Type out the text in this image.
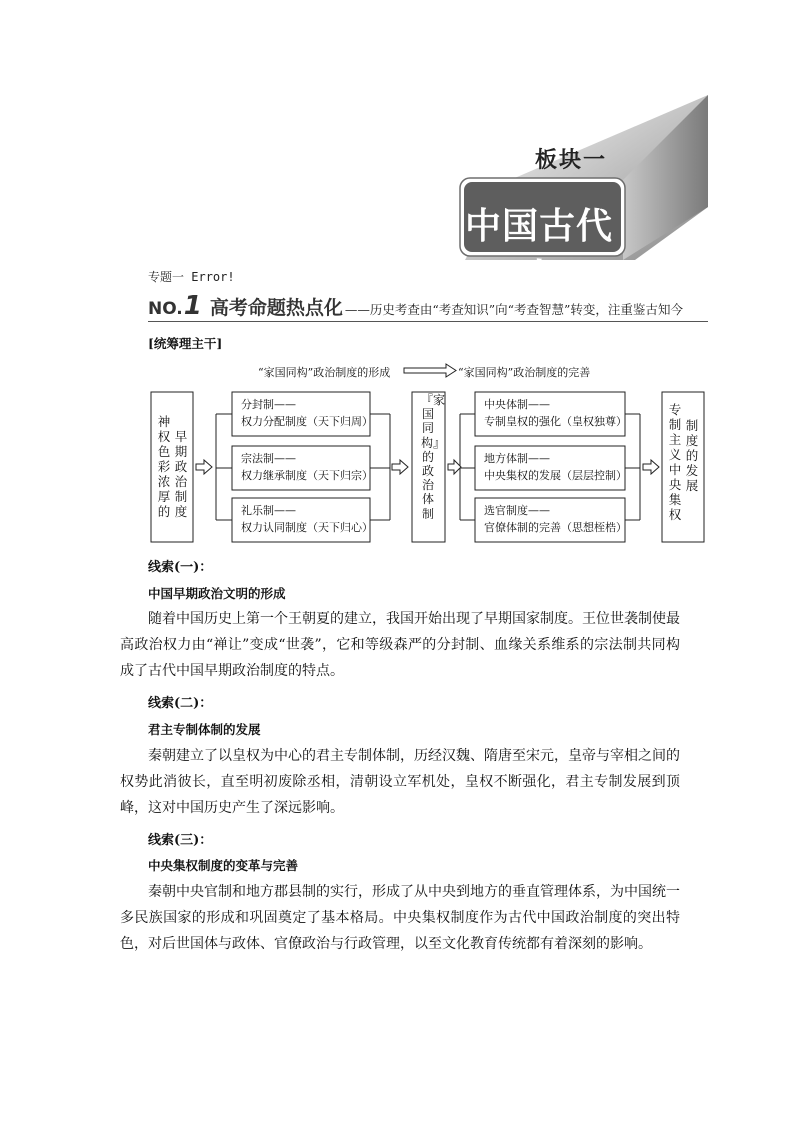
板块一
中国古代史
专题一 Error!
NO.1 高考命题热点化 ——历史考查由“考查知识”向“考查智慧”转变，注重鉴古知今
[统筹理主干]
“家国同构”政治制度的形成	“家国同构”政治制度的完善
神权色彩浓厚的
早期政治制度
『家国同构』的政治体制
专制主义中央集权
制度的发展
分封制——
权力分配制度（天下归周）
宗法制——
权力继承制度（天下归宗）
礼乐制——
权力认同制度（天下归心）
中央体制——
专制皇权的强化（皇权独尊）
地方体制——
中央集权的发展（层层控制）
选官制度——
官僚体制的完善（思想桎梏）
线索(一)：
中国早期政治文明的形成
随着中国历史上第一个王朝夏的建立，我国开始出现了早期国家制度。王位世袭制使最高政治权力由“禅让”变成“世袭”，它和等级森严的分封制、血缘关系维系的宗法制共同构成了古代中国早期政治制度的特点。
线索(二)：
君主专制体制的发展
秦朝建立了以皇权为中心的君主专制体制，历经汉魏、隋唐至宋元，皇帝与宰相之间的权势此消彼长，直至明初废除丞相，清朝设立军机处，皇权不断强化，君主专制发展到顶峰，这对中国历史产生了深远影响。
线索(三)：
中央集权制度的变革与完善
秦朝中央官制和地方郡县制的实行，形成了从中央到地方的垂直管理体系，为中国统一多民族国家的形成和巩固奠定了基本格局。中央集权制度作为古代中国政治制度的突出特色，对后世国体与政体、官僚政治与行政管理，以至文化教育传统都有着深刻的影响。
